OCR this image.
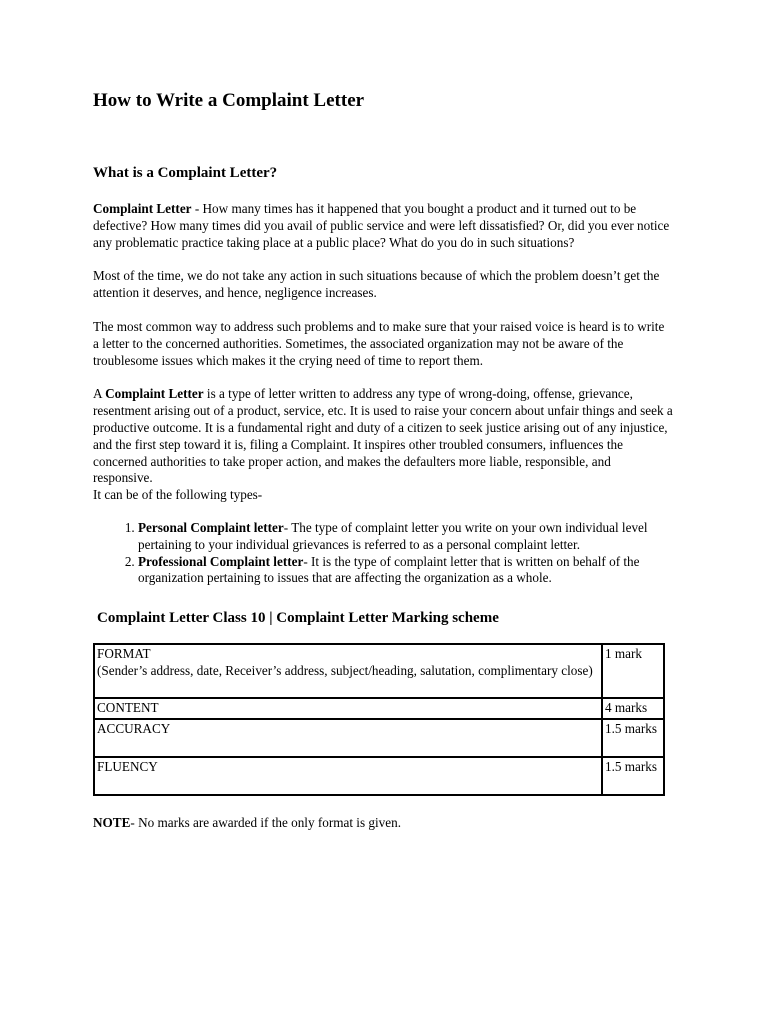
How to Write a Complaint Letter
What is a Complaint Letter?

Complaint Letter - How many times has it happened that you bought a product and it turned out to be defective? How many times did you avail of public service and were left dissatisfied? Or, did you ever notice any problematic practice taking place at a public place? What do you do in such situations?

Most of the time, we do not take any action in such situations because of which the problem doesn’t get the attention it deserves, and hence, negligence increases.

The most common way to address such problems and to make sure that your raised voice is heard is to write a letter to the concerned authorities. Sometimes, the associated organization may not be aware of the troublesome issues which makes it the crying need of time to report them.

A Complaint Letter is a type of letter written to address any type of wrong-doing, offense, grievance, resentment arising out of a product, service, etc. It is used to raise your concern about unfair things and seek a productive outcome. It is a fundamental right and duty of a citizen to seek justice arising out of any injustice, and the first step toward it is, filing a Complaint. It inspires other troubled consumers, influences the concerned authorities to take proper action, and makes the defaulters more liable, responsible, and responsive.

It can be of the following types-

1. Personal Complaint letter- The type of complaint letter you write on your own individual level pertaining to your individual grievances is referred to as a personal complaint letter.
2. Professional Complaint letter- It is the type of complaint letter that is written on behalf of the organization pertaining to issues that are affecting the organization as a whole.
Complaint Letter Class 10 | Complaint Letter Marking scheme
FORMAT
(Sender’s address, date, Receiver’s address, subject/heading, salutation, complimentary close)	1 mark
CONTENT	4 marks
ACCURACY	1.5 marks
FLUENCY	1.5 marks

NOTE- No marks are awarded if the only format is given.
